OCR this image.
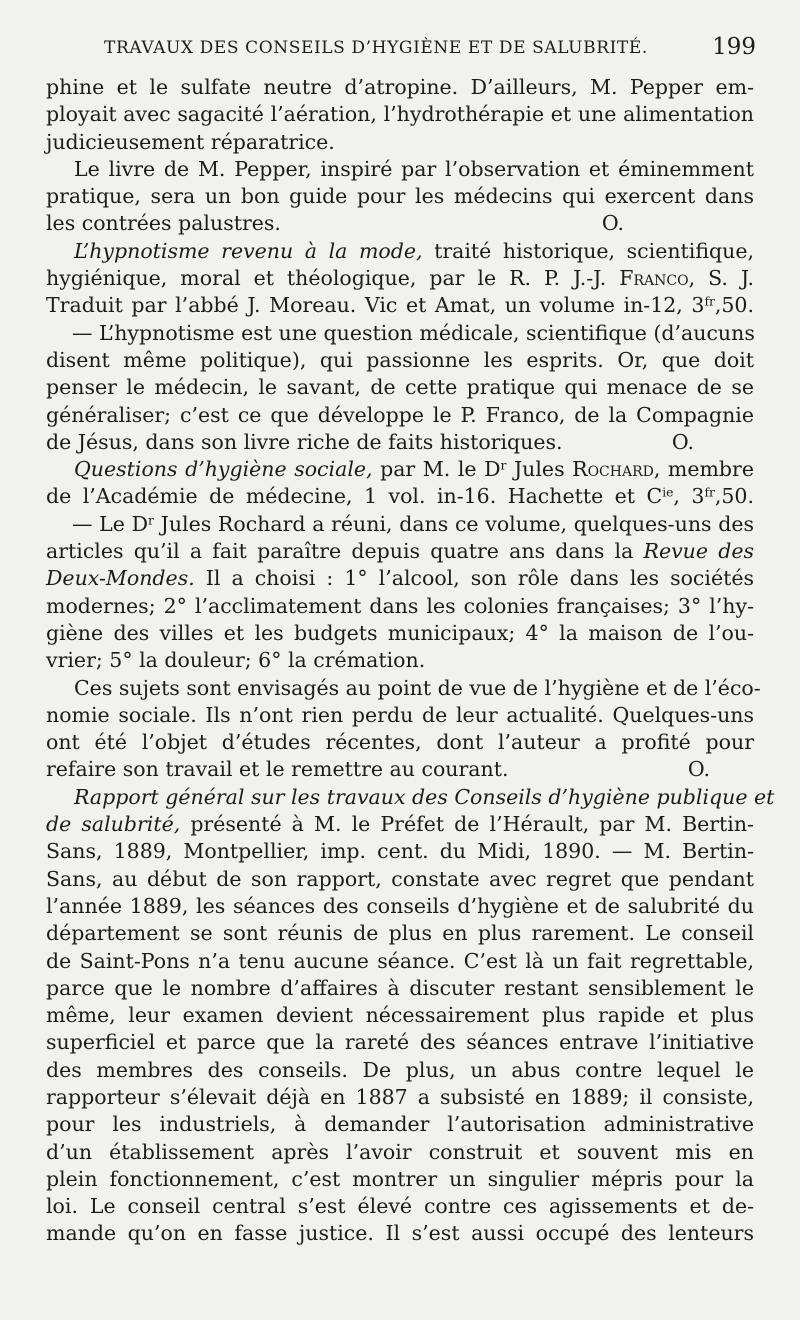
TRAVAUX DES CONSEILS D’HYGIÈNE ET DE SALUBRITÉ.	199
phine et le sulfate neutre d’atropine. D’ailleurs, M. Pepper em-
ployait avec sagacité l’aération, l’hydrothérapie et une alimentation
judicieusement réparatrice.
Le livre de M. Pepper, inspiré par l’observation et éminemment
pratique, sera un bon guide pour les médecins qui exercent dans
les contrées palustres.	O.
L’hypnotisme revenu à la mode, traité historique, scientifique,
hygiénique, moral et théologique, par le R. P. J.-J. Franco, S. J.
Traduit par l’abbé J. Moreau. Vic et Amat, un volume in-12, $3^{fr},50$.
— L’hypnotisme est une question médicale, scientifique (d’aucuns
disent même politique), qui passionne les esprits. Or, que doit
penser le médecin, le savant, de cette pratique qui menace de se
généraliser; c’est ce que développe le P. Franco, de la Compagnie
de Jésus, dans son livre riche de faits historiques.	O.
Questions d’hygiène sociale, par M. le $D^r$ Jules Rochard, membre
de l’Académie de médecine, 1 vol. in-16. Hachette et $C^{ie}$, $3^{fr},50$.
— Le $D^r$ Jules Rochard a réuni, dans ce volume, quelques-uns des
articles qu’il a fait paraître depuis quatre ans dans la Revue des
Deux-Mondes. Il a choisi : 1° l’alcool, son rôle dans les sociétés
modernes; 2° l’acclimatement dans les colonies françaises; 3° l’hy-
giène des villes et les budgets municipaux; 4° la maison de l’ou-
vrier; 5° la douleur; 6° la crémation.
Ces sujets sont envisagés au point de vue de l’hygiène et de l’éco-
nomie sociale. Ils n’ont rien perdu de leur actualité. Quelques-uns
ont été l’objet d’études récentes, dont l’auteur a profité pour
refaire son travail et le remettre au courant.	O.
Rapport général sur les travaux des Conseils d’hygiène publique et
de salubrité, présenté à M. le Préfet de l’Hérault, par M. Bertin-
Sans, 1889, Montpellier, imp. cent. du Midi, 1890. — M. Bertin-
Sans, au début de son rapport, constate avec regret que pendant
l’année 1889, les séances des conseils d’hygiène et de salubrité du
département se sont réunis de plus en plus rarement. Le conseil
de Saint-Pons n’a tenu aucune séance. C’est là un fait regrettable,
parce que le nombre d’affaires à discuter restant sensiblement le
même, leur examen devient nécessairement plus rapide et plus
superficiel et parce que la rareté des séances entrave l’initiative
des membres des conseils. De plus, un abus contre lequel le
rapporteur s’élevait déjà en 1887 a subsisté en 1889; il consiste,
pour les industriels, à demander l’autorisation administrative
d’un établissement après l’avoir construit et souvent mis en
plein fonctionnement, c’est montrer un singulier mépris pour la
loi. Le conseil central s’est élevé contre ces agissements et de-
mande qu’on en fasse justice. Il s’est aussi occupé des lenteurs
